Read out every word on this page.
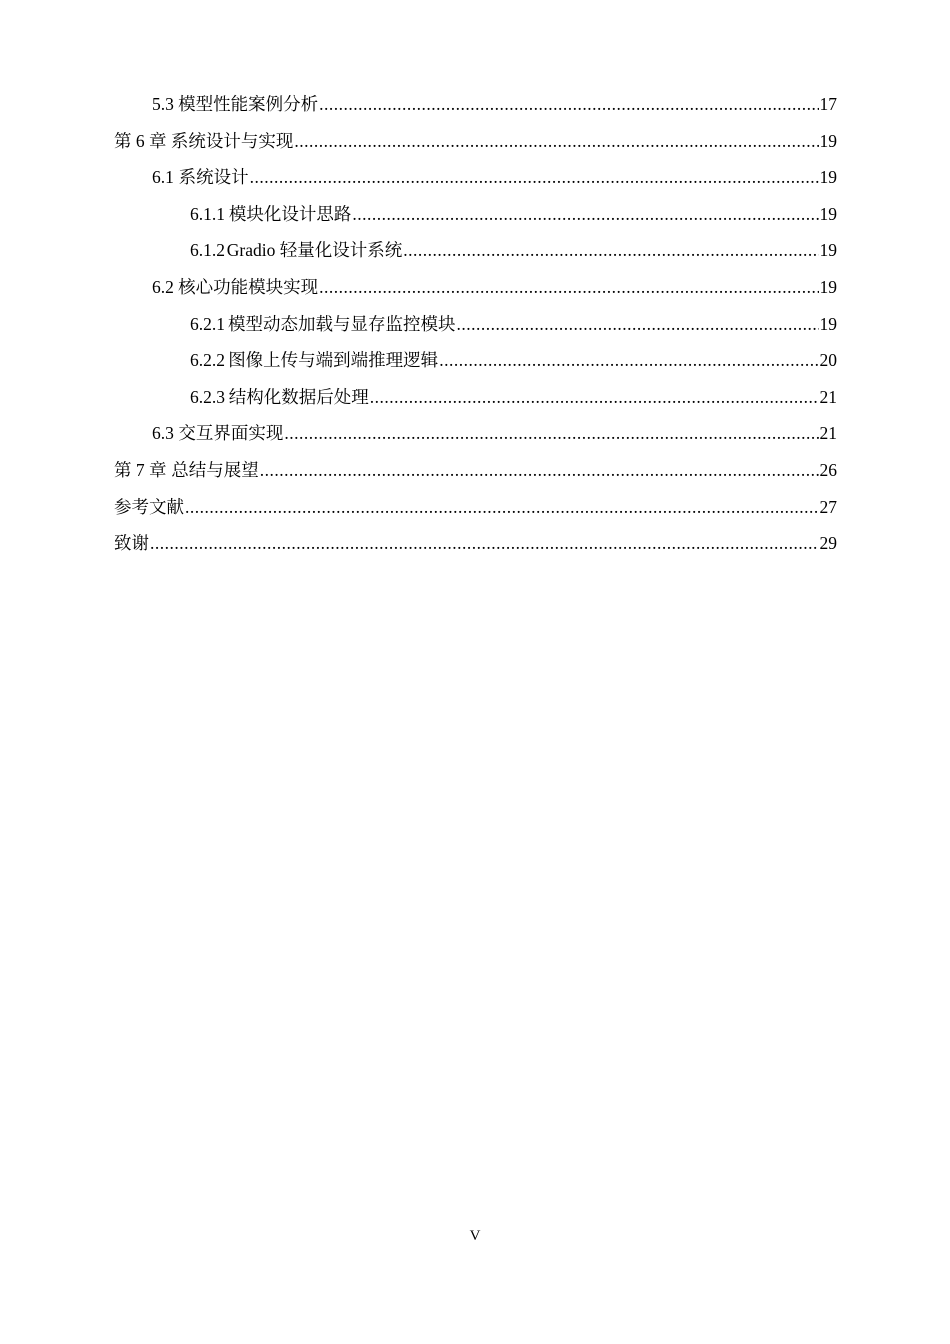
5.3 模型性能案例分析 .....	17
第 6 章 系统设计与实现 .....	19
6.1 系统设计 .....	19
6.1.1 模块化设计思路 .....	19
6.1.2 Gradio 轻量化设计系统 .....	19
6.2 核心功能模块实现 .....	19
6.2.1 模型动态加载与显存监控模块 .....	19
6.2.2 图像上传与端到端推理逻辑 .....	20
6.2.3 结构化数据后处理 .....	21
6.3 交互界面实现 .....	21
第 7 章 总结与展望 .....	26
参考文献 .....	27
致谢 .....	29
V
